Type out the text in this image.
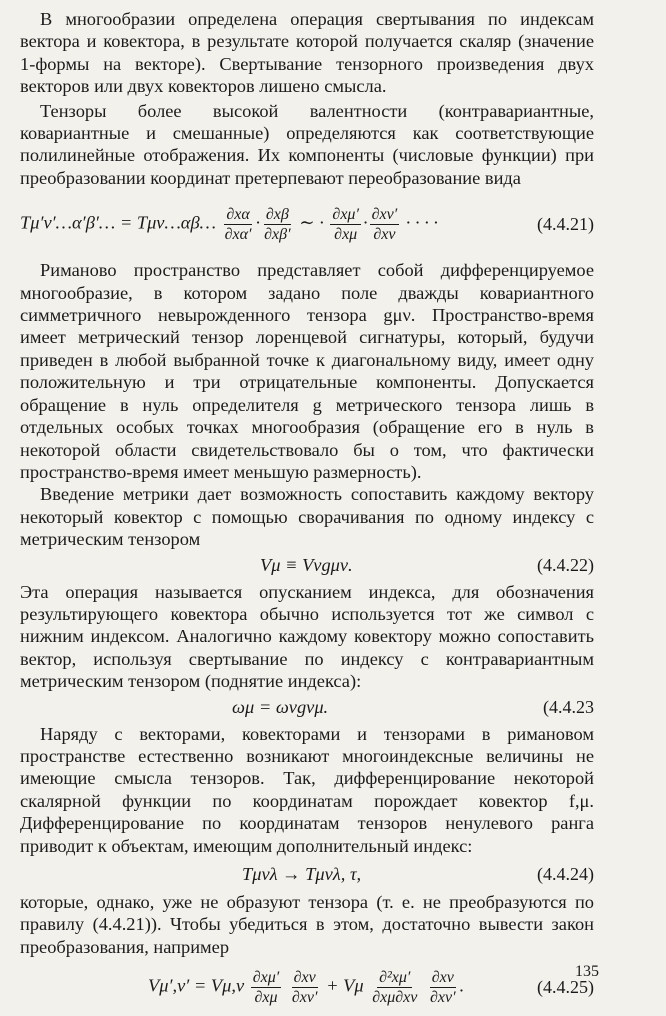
В многообразии определена операция свертывания по индексам вектора и ковектора, в результате которой получается скаляр (значение 1-формы на векторе). Свертывание тензорного произведения двух векторов или двух ковекторов лишено смысла.

Тензоры более высокой валентности (контравариантные, ковариантные и смешанные) определяются как соответствующие полилинейные отображения. Их компоненты (числовые функции) при преобразовании координат претерпевают переобразование вида

Tμ′ν′…α′β′… = Tμν…αβ… $\frac{\partial x\alpha}{\partial x\alpha'} \cdot \frac{\partial x\beta}{\partial x\beta'}$ ∼ · $\frac{\partial x\mu'}{\partial x\mu} \cdot \frac{\partial x\nu'}{\partial x\nu}$ · · · ·	(4.4.21)

Риманово пространство представляет собой дифференцируемое многообразие, в котором задано поле дважды ковариантного симметричного невырожденного тензора gμν. Пространство-время имеет метрический тензор лоренцевой сигнатуры, который, будучи приведен в любой выбранной точке к диагональному виду, имеет одну положительную и три отрицательные компоненты. Допускается обращение в нуль определителя g метрического тензора лишь в отдельных особых точках многообразия (обращение его в нуль в некоторой области свидетельствовало бы о том, что фактически пространство-время имеет меньшую размерность).

Введение метрики дает возможность сопоставить каждому вектору некоторый ковектор с помощью сворачивания по одному индексу с метрическим тензором

Vμ ≡ Vνgμν.	(4.4.22)

Эта операция называется опусканием индекса, для обозначения результирующего ковектора обычно используется тот же символ с нижним индексом. Аналогично каждому ковектору можно сопоставить вектор, используя свертывание по индексу с контравариантным метрическим тензором (поднятие индекса):

ωμ = ωνgνμ.	(4.4.23

Наряду с векторами, ковекторами и тензорами в римановом пространстве естественно возникают многоиндексные величины не имеющие смысла тензоров. Так, дифференцирование некоторой скалярной функции по координатам порождает ковектор f,μ. Дифференцирование по координатам тензоров ненулевого ранга приводит к объектам, имеющим дополнительный индекс:

Tμνλ → Tμνλ, τ,	(4.4.24)

которые, однако, уже не образуют тензора (т. е. не преобразуются по правилу (4.4.21)). Чтобы убедиться в этом, достаточно вывести закон преобразования, например

$V\mu',\nu' = V\mu,\nu \frac{\partial x\mu'}{\partial x\mu}$
$\frac{\partial x\nu}{\partial x\nu'} + V\mu \frac{\text{∂²xμ′}}{\partial x\mu\partial x\nu}$
$\frac{\partial x\nu}{\partial x\nu'}$ .	(4.4.25)
135
